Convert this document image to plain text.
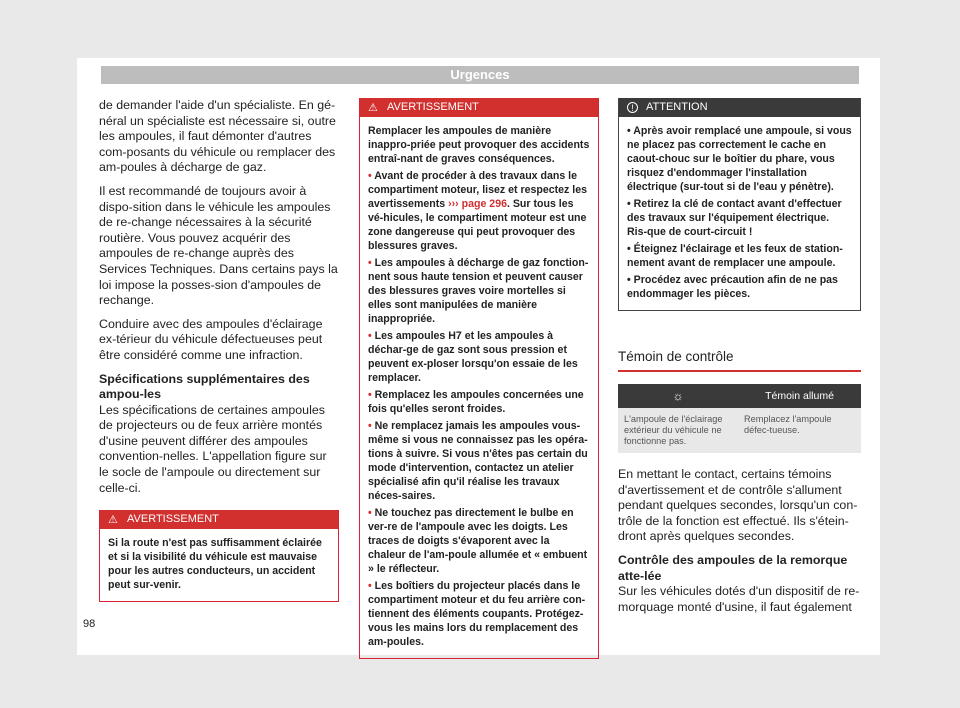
Urgences

de demander l'aide d'un spécialiste. En gé-néral un spécialiste est nécessaire si, outre les ampoules, il faut démonter d'autres com-posants du véhicule ou remplacer des am-poules à décharge de gaz.

Il est recommandé de toujours avoir à dispo-sition dans le véhicule les ampoules de re-change nécessaires à la sécurité routière. Vous pouvez acquérir des ampoules de re-change auprès des Services Techniques. Dans certains pays la loi impose la posses-sion d'ampoules de rechange.

Conduire avec des ampoules d'éclairage ex-térieur du véhicule défectueuses peut être considéré comme une infraction.

Spécifications supplémentaires des ampou-les

Les spécifications de certaines ampoules de projecteurs ou de feux arrière montés d'usine peuvent différer des ampoules convention-nelles. L'appellation figure sur le socle de l'ampoule ou directement sur celle-ci.

⚠ AVERTISSEMENT

Si la route n'est pas suffisamment éclairée et si la visibilité du véhicule est mauvaise pour les autres conducteurs, un accident peut sur-venir.

⚠ AVERTISSEMENT

Remplacer les ampoules de manière inappro-priée peut provoquer des accidents entraî-nant de graves conséquences.

• Avant de procéder à des travaux dans le compartiment moteur, lisez et respectez les avertissements ››› page 296. Sur tous les vé-hicules, le compartiment moteur est une zone dangereuse qui peut provoquer des blessures graves.

• Les ampoules à décharge de gaz fonction-nent sous haute tension et peuvent causer des blessures graves voire mortelles si elles sont manipulées de manière inappropriée.

• Les ampoules H7 et les ampoules à déchar-ge de gaz sont sous pression et peuvent ex-ploser lorsqu'on essaie de les remplacer.

• Remplacez les ampoules concernées une fois qu'elles seront froides.

• Ne remplacez jamais les ampoules vous-même si vous ne connaissez pas les opéra-tions à suivre. Si vous n'êtes pas certain du mode d'intervention, contactez un atelier spécialisé afin qu'il réalise les travaux néces-saires.

• Ne touchez pas directement le bulbe en ver-re de l'ampoule avec les doigts. Les traces de doigts s'évaporent avec la chaleur de l'am-poule allumée et « embuent » le réflecteur.

• Les boîtiers du projecteur placés dans le compartiment moteur et du feu arrière con-tiennent des éléments coupants. Protégez-vous les mains lors du remplacement des am-poules.

!	ATTENTION

• Après avoir remplacé une ampoule, si vous ne placez pas correctement le cache en caout-chouc sur le boîtier du phare, vous risquez d'endommager l'installation électrique (sur-tout si de l'eau y pénètre).

• Retirez la clé de contact avant d'effectuer des travaux sur l'équipement électrique. Ris-que de court-circuit !

• Éteignez l'éclairage et les feux de station-nement avant de remplacer une ampoule.

• Procédez avec précaution afin de ne pas endommager les pièces.

Témoin de contrôle
☼	Témoin allumé
L'ampoule de l'éclairage extérieur du véhicule ne fonctionne pas.	Remplacez l'ampoule défec-tueuse.

En mettant le contact, certains témoins d'avertissement et de contrôle s'allument pendant quelques secondes, lorsqu'un con-trôle de la fonction est effectué. Ils s'étein-dront après quelques secondes.

Contrôle des ampoules de la remorque atte-lée

Sur les véhicules dotés d'un dispositif de re-morquage monté d'usine, il faut également

98
